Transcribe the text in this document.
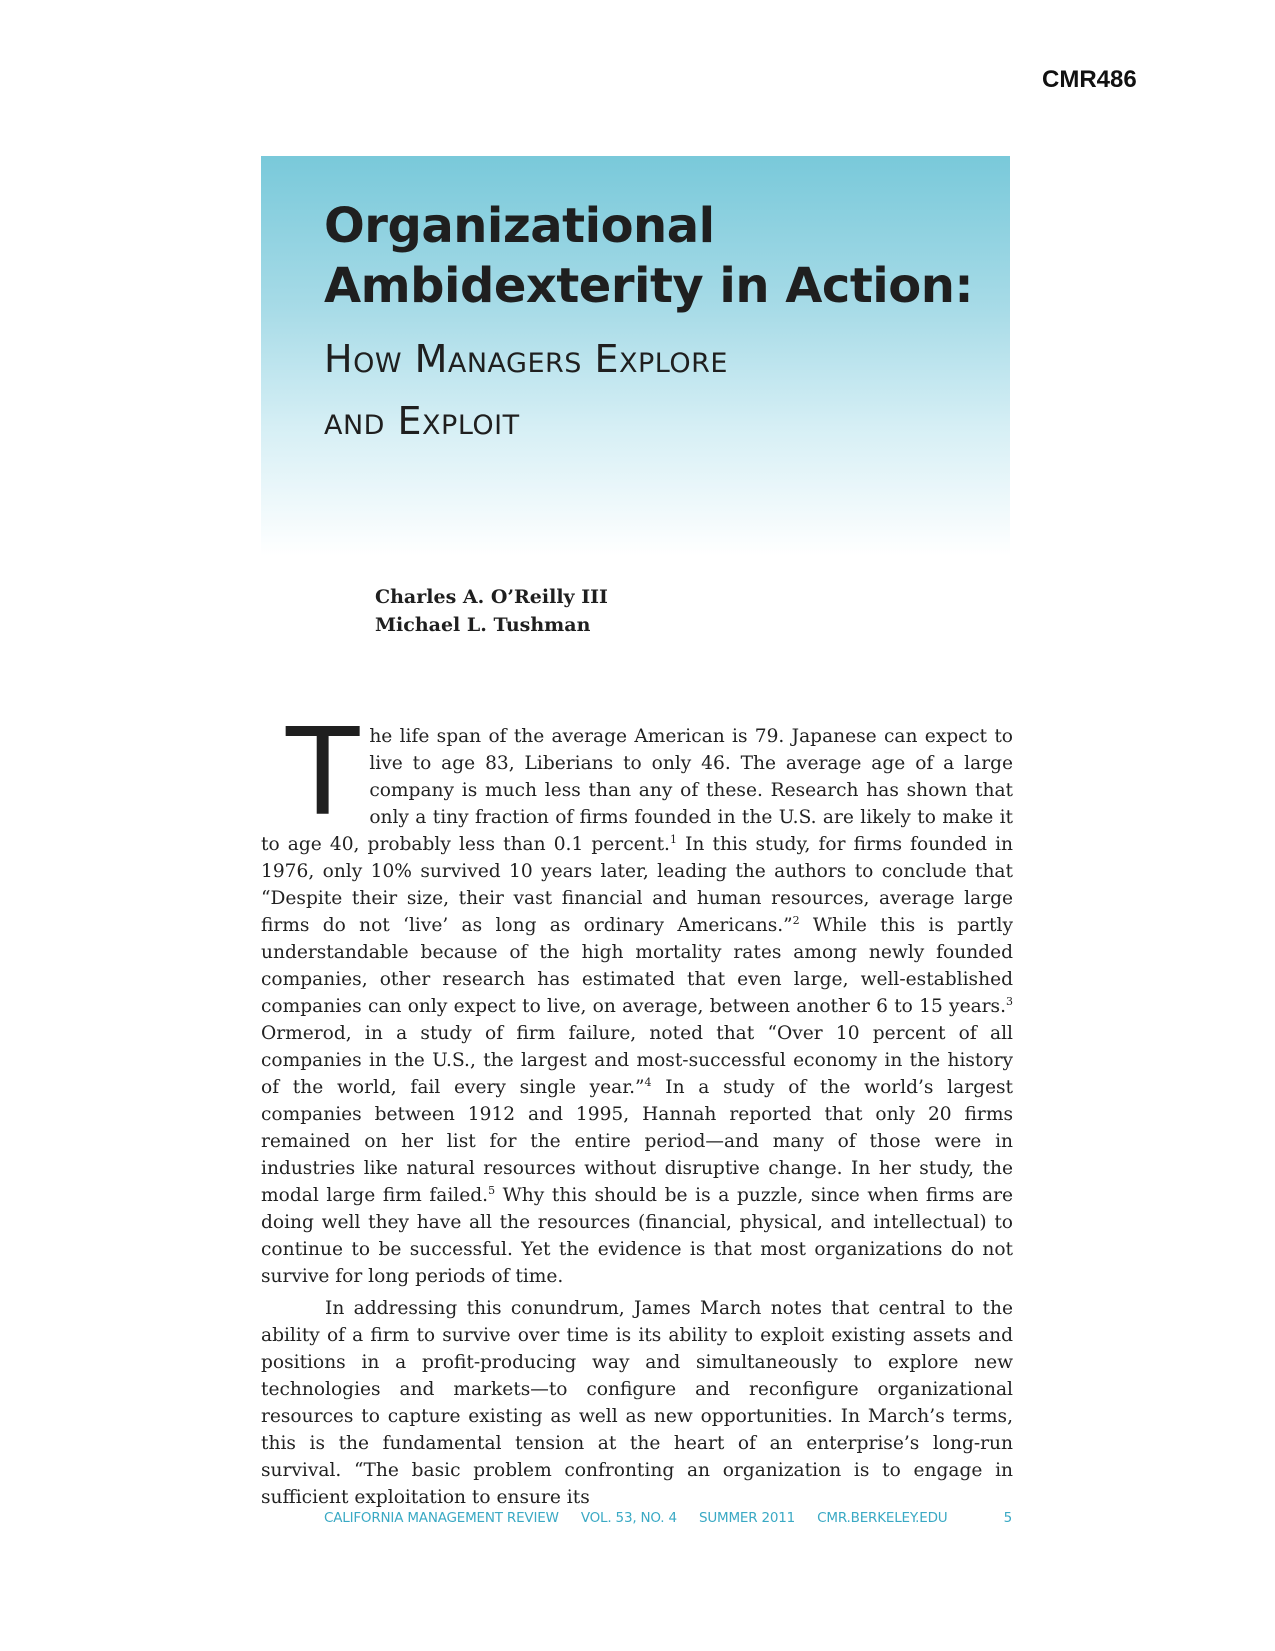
CMR486
Organizational
Ambidexterity in Action:
How Managers Explore
and Exploit
Charles A. O’Reilly III
Michael L. Tushman

The life span of the average American is 79. Japanese can expect to live to age 83, Liberians to only 46. The average age of a large company is much less than any of these. Research has shown that only a tiny fraction of firms founded in the U.S. are likely to make it to age 40, probably less than 0.1 percent.$^1$ In this study, for firms founded in 1976, only 10% survived 10 years later, leading the authors to conclude that “Despite their size, their vast financial and human resources, average large firms do not ‘live’ as long as ordinary Americans.”$^2$ While this is partly understandable because of the high mortality rates among newly founded companies, other research has estimated that even large, well-established companies can only expect to live, on average, between another 6 to 15 years.$^3$ Ormerod, in a study of firm failure, noted that “Over 10 percent of all companies in the U.S., the largest and most-successful economy in the history of the world, fail every single year.”$^4$ In a study of the world’s largest companies between 1912 and 1995, Hannah reported that only 20 firms remained on her list for the entire period—and many of those were in industries like natural resources without disruptive change. In her study, the modal large firm failed.$^5$ Why this should be is a puzzle, since when firms are doing well they have all the resources (financial, physical, and intellectual) to continue to be successful. Yet the evidence is that most organizations do not survive for long periods of time.

In addressing this conundrum, James March notes that central to the ability of a firm to survive over time is its ability to exploit existing assets and positions in a profit-producing way and simultaneously to explore new technologies and markets—to configure and reconfigure organizational resources to capture existing as well as new opportunities. In March’s terms, this is the fundamental tension at the heart of an enterprise’s long-run survival. “The basic problem confronting an organization is to engage in sufficient exploitation to ensure its

CALIFORNIA MANAGEMENT REVIEW VOL. 53, NO. 4 SUMMER 2011 CMR.BERKELEY.EDU	5
